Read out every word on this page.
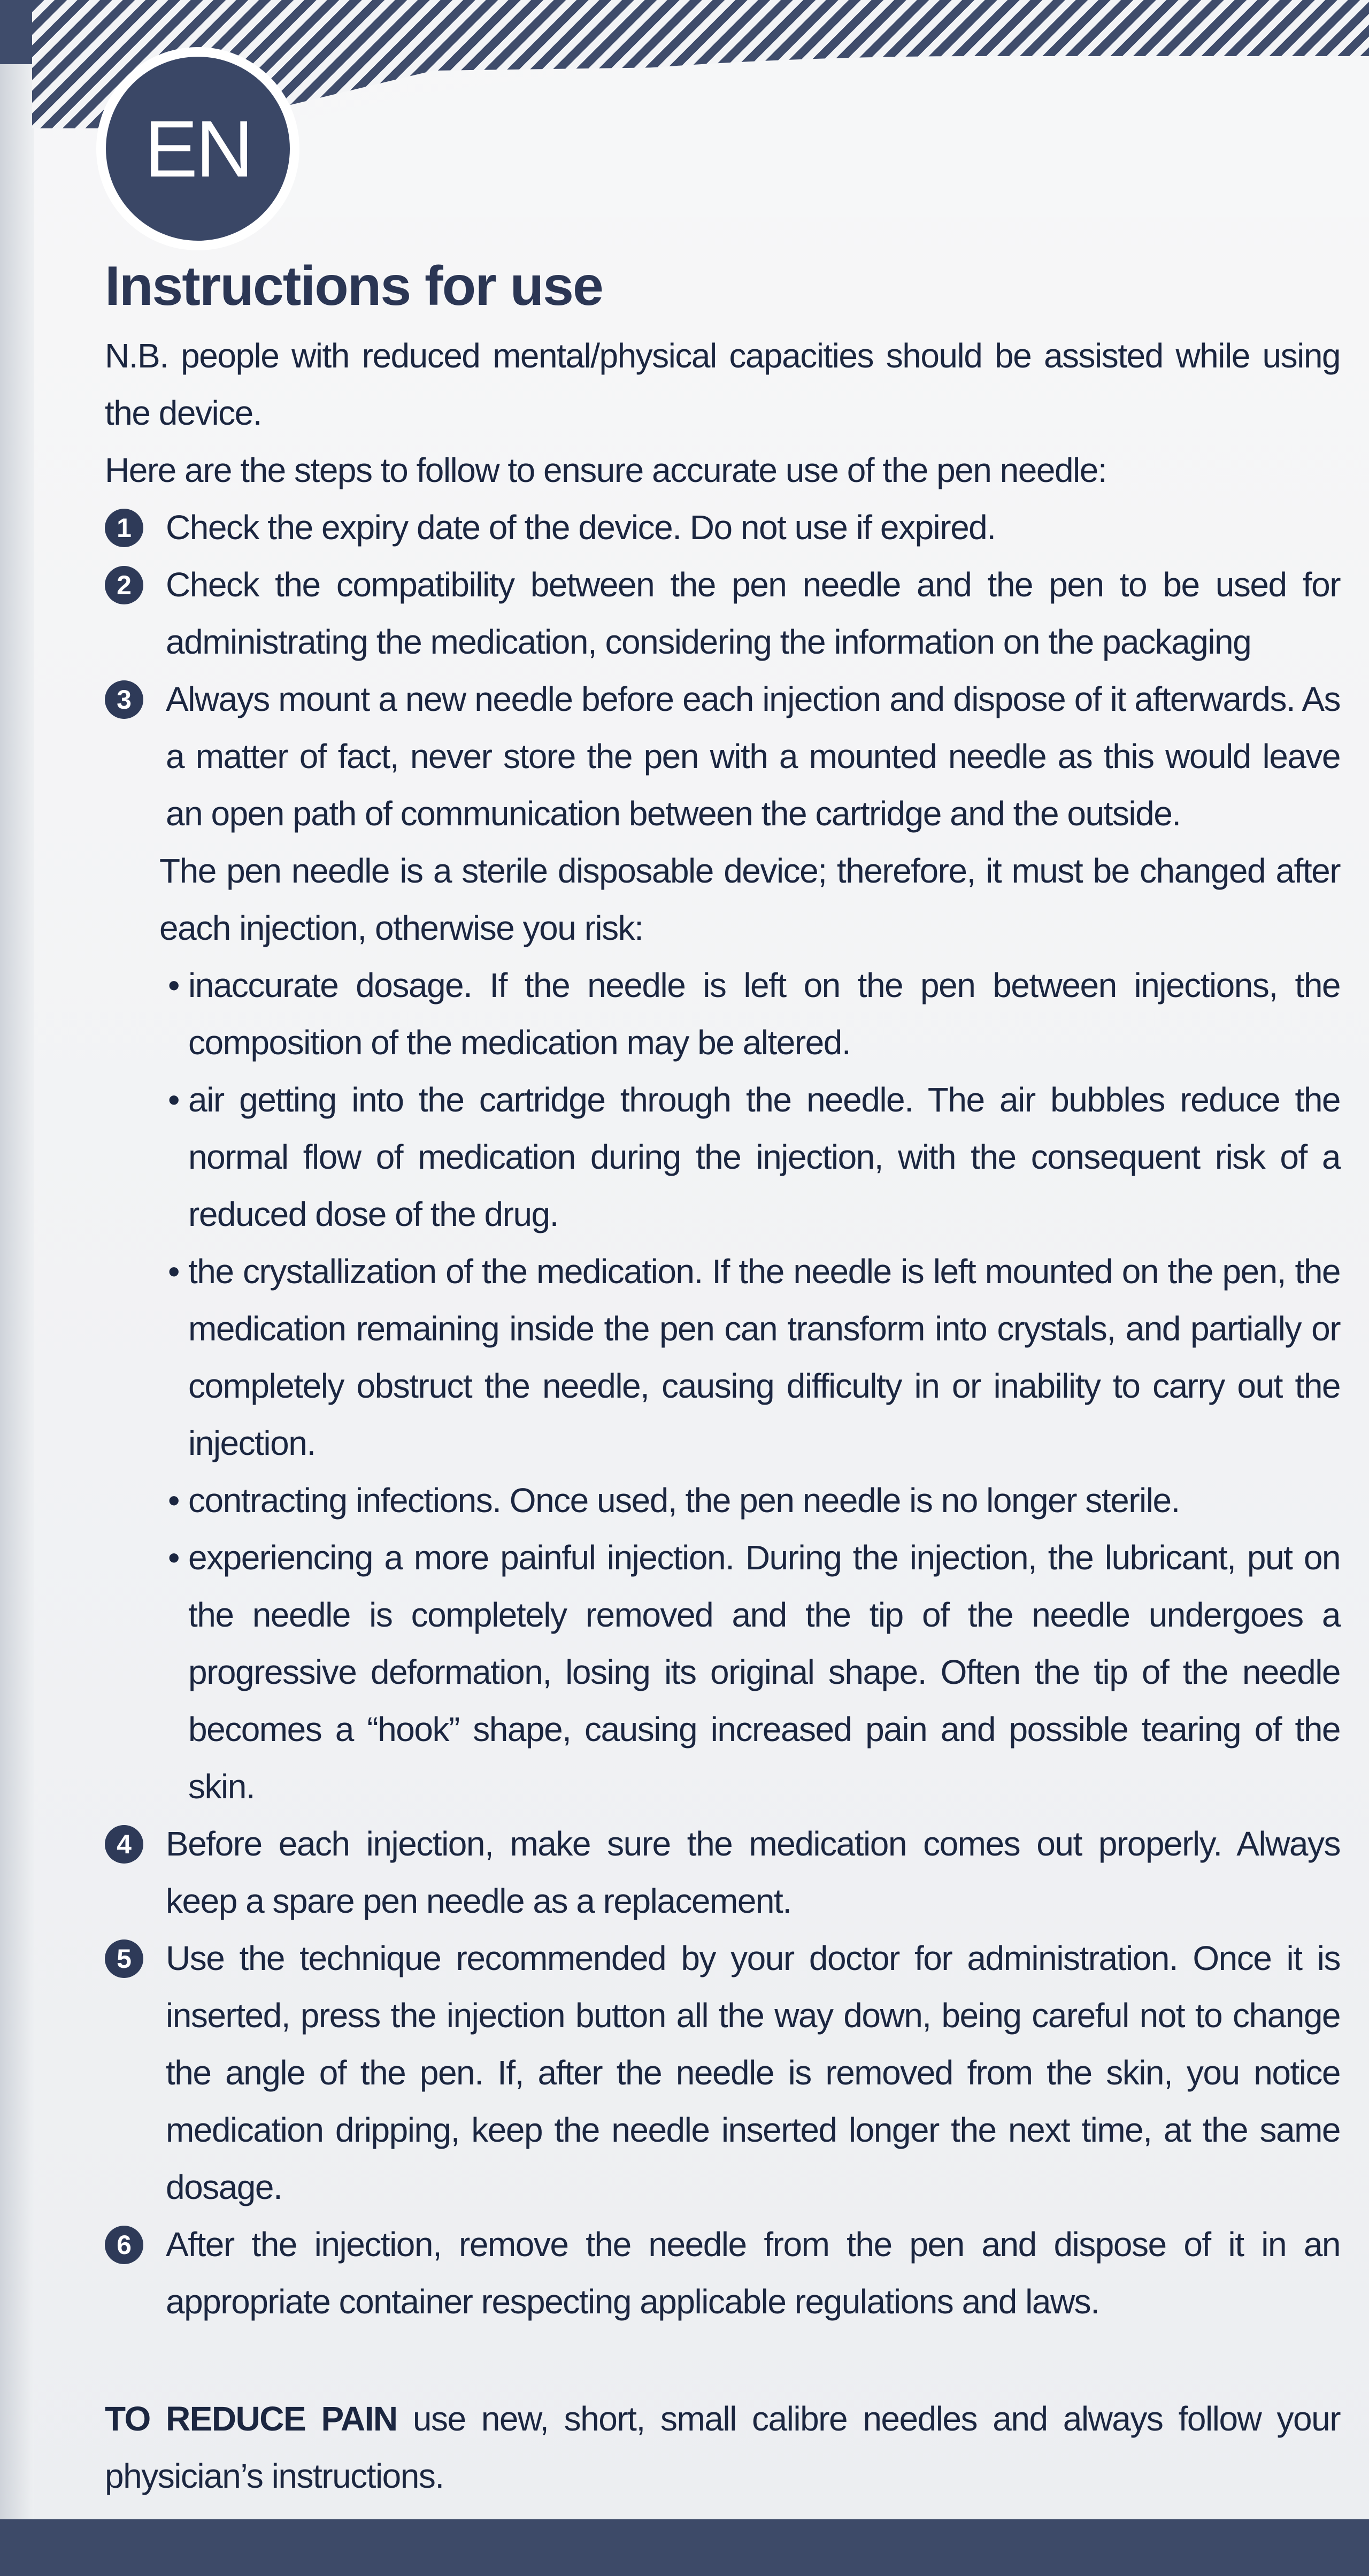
EN
Instructions for use

N.B. people with reduced mental/physical capacities should be assisted while using the device.

Here are the steps to follow to ensure accurate use of the pen needle:

1	Check the expiry date of the device. Do not use if expired.
2	Check the compatibility between the pen needle and the pen to be used for administrating the medication, considering the information on the packaging
3	Always mount a new needle before each injection and dispose of it afterwards. As a matter of fact, never store the pen with a mounted needle as this would leave an open path of communication between the cartridge and the outside.
The pen needle is a sterile disposable device; therefore, it must be changed after each injection, otherwise you risk:
• inaccurate dosage. If the needle is left on the pen between injections, the composition of the medication may be altered.
• air getting into the cartridge through the needle. The air bubbles reduce the normal flow of medication during the injection, with the consequent risk of a reduced dose of the drug.
• the crystallization of the medication. If the needle is left mounted on the pen, the medication remaining inside the pen can transform into crystals, and partially or completely obstruct the needle, causing difficulty in or inability to carry out the injection.
• contracting infections. Once used, the pen needle is no longer sterile.
• experiencing a more painful injection. During the injection, the lubricant, put on the needle is completely removed and the tip of the needle undergoes a progressive deformation, losing its original shape. Often the tip of the needle becomes a “hook” shape, causing increased pain and possible tearing of the skin.
4	Before each injection, make sure the medication comes out properly. Always keep a spare pen needle as a replacement.
5	Use the technique recommended by your doctor for administration. Once it is inserted, press the injection button all the way down, being careful not to change the angle of the pen. If, after the needle is removed from the skin, you notice medication dripping, keep the needle inserted longer the next time, at the same dosage.
6	After the injection, remove the needle from the pen and dispose of it in an appropriate container respecting applicable regulations and laws.

TO REDUCE PAIN use new, short, small calibre needles and always follow your physician’s instructions.
